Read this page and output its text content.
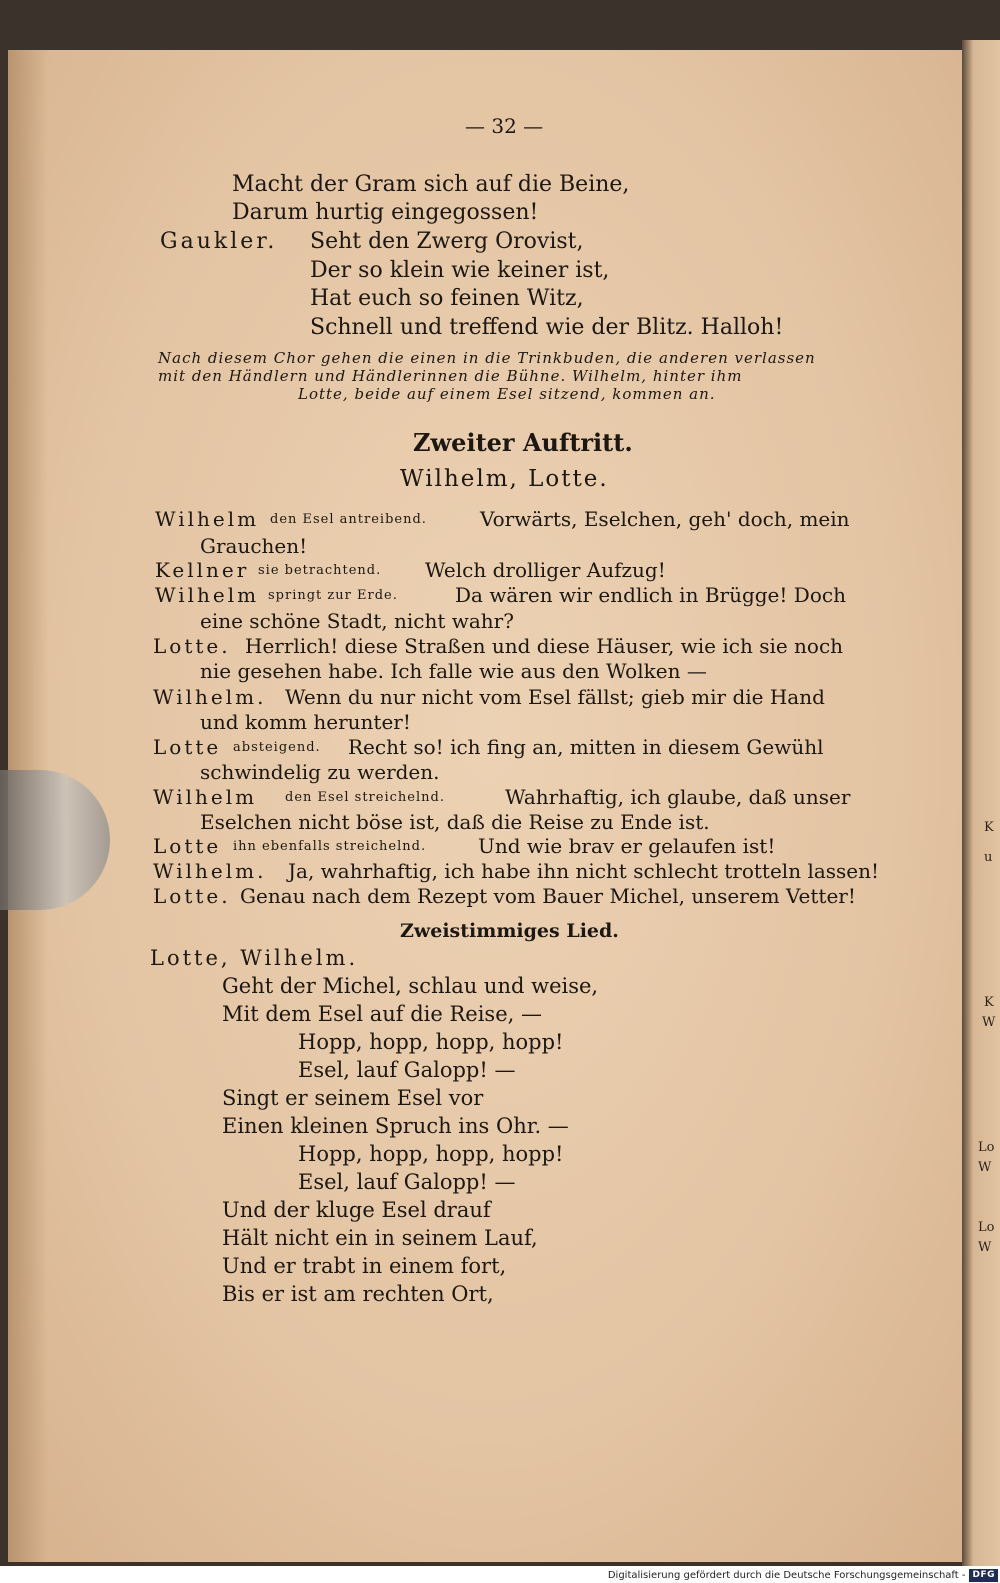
K
u
K
W
Lo
W
Lo
W
— 32 —
Macht der Gram sich auf die Beine,
Darum hurtig eingegossen!
Gaukler. Seht den Zwerg Orovist,
Der so klein wie keiner ist,
Hat euch so feinen Witz,
Schnell und treffend wie der Blitz. Halloh!
Nach diesem Chor gehen die einen in die Trinkbuden, die anderen verlassen
mit den Händlern und Händlerinnen die Bühne. Wilhelm, hinter ihm
Lotte, beide auf einem Esel sitzend, kommen an.
Zweiter Auftritt.
Wilhelm, Lotte.
Wilhelm den Esel antreibend.	Vorwärts, Eselchen, geh' doch, mein
Grauchen!
Kellner sie betrachtend. Welch drolliger Aufzug!
Wilhelm springt zur Erde.	Da wären wir endlich in Brügge! Doch
eine schöne Stadt, nicht wahr?
Lotte. Herrlich! diese Straßen und diese Häuser, wie ich sie noch
nie gesehen habe. Ich falle wie aus den Wolken —
Wilhelm. Wenn du nur nicht vom Esel fällst; gieb mir die Hand
und komm herunter!
Lotte absteigend. Recht so! ich fing an, mitten in diesem Gewühl
schwindelig zu werden.
Wilhelm den Esel streichelnd.	Wahrhaftig, ich glaube, daß unser
Eselchen nicht böse ist, daß die Reise zu Ende ist.
Lotte ihn ebenfalls streichelnd.	Und wie brav er gelaufen ist!
Wilhelm. Ja, wahrhaftig, ich habe ihn nicht schlecht trotteln lassen!
Lotte. Genau nach dem Rezept vom Bauer Michel, unserem Vetter!
Zweistimmiges Lied.
Lotte, Wilhelm.
Geht der Michel, schlau und weise,
Mit dem Esel auf die Reise, —
Hopp, hopp, hopp, hopp!
Esel, lauf Galopp! —
Singt er seinem Esel vor
Einen kleinen Spruch ins Ohr. —
Hopp, hopp, hopp, hopp!
Esel, lauf Galopp! —
Und der kluge Esel drauf
Hält nicht ein in seinem Lauf,
Und er trabt in einem fort,
Bis er ist am rechten Ort,
Digitalisierung gefördert durch die Deutsche Forschungsgemeinschaft - DFG
